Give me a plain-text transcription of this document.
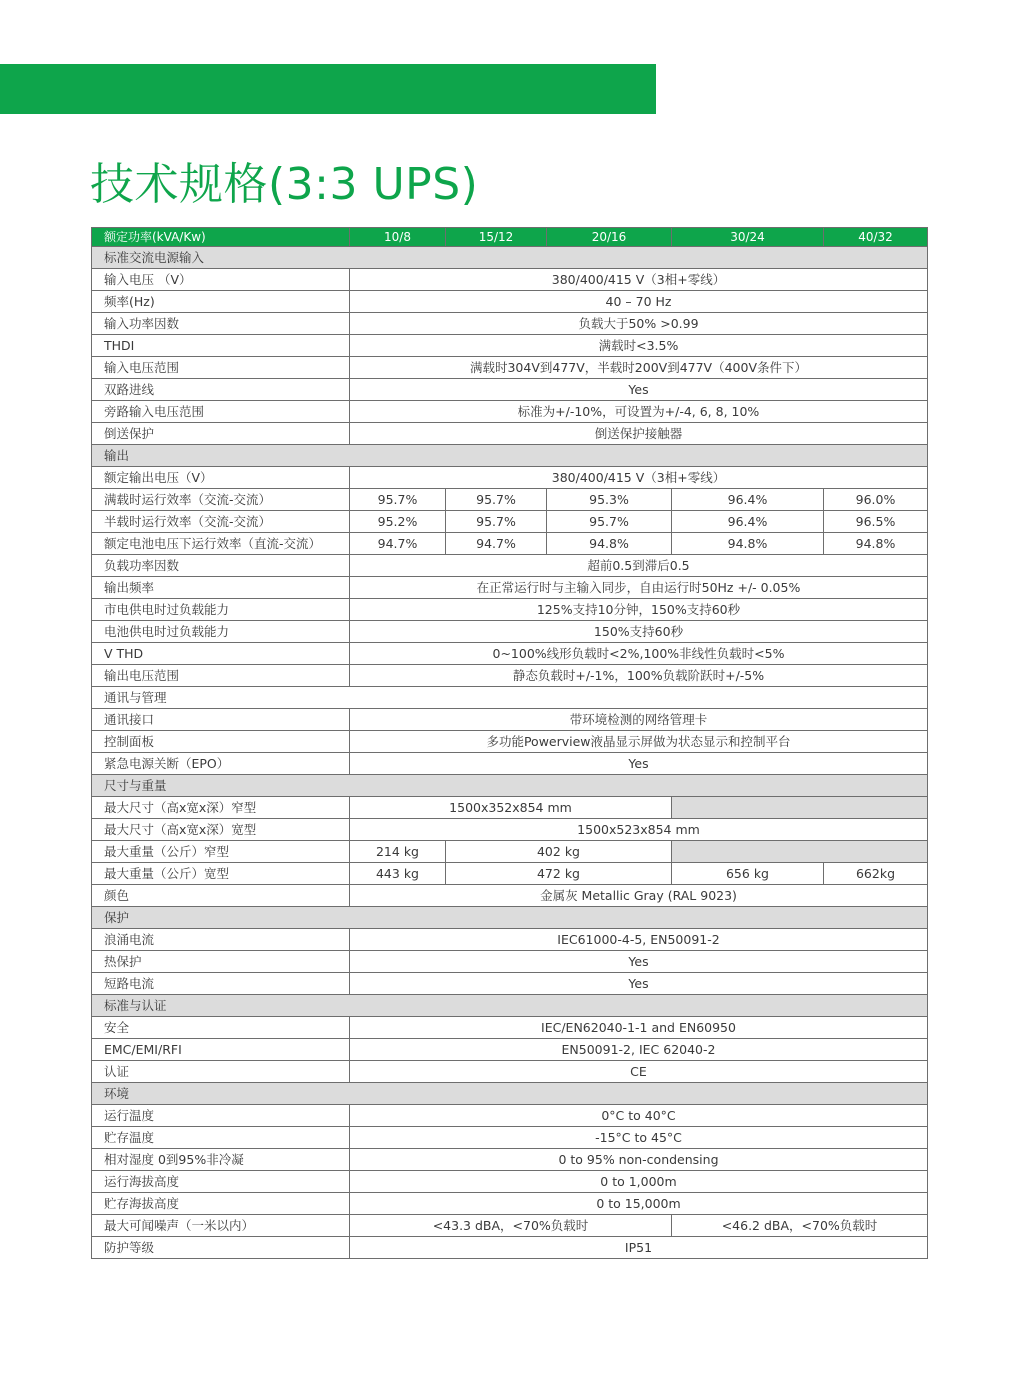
技术规格(3:3 UPS)
额定功率(kVA/Kw)	10/8	15/12	20/16	30/24	40/32
标准交流电源输入					
输入电压 （V）	380/400/415 V（3相+零线）				
频率(Hz)	40 – 70 Hz				
输入功率因数	负载大于50% >0.99				
THDI	满载时<3.5%				
输入电压范围	满载时304V到477V，半载时200V到477V（400V条件下）				
双路进线	Yes				
旁路输入电压范围	标准为+/-10%，可设置为+/-4, 6, 8, 10%				
倒送保护	倒送保护接触器				
输出					
额定输出电压（V）	380/400/415 V（3相+零线）				
满载时运行效率（交流-交流）	95.7%	95.7%	95.3%	96.4%	96.0%
半载时运行效率（交流-交流）	95.2%	95.7%	95.7%	96.4%	96.5%
额定电池电压下运行效率（直流-交流）	94.7%	94.7%	94.8%	94.8%	94.8%
负载功率因数	超前0.5到滞后0.5				
输出频率	在正常运行时与主输入同步，自由运行时50Hz +/- 0.05%				
市电供电时过负载能力	125%支持10分钟，150%支持60秒				
电池供电时过负载能力	150%支持60秒				
V THD	0~100%线形负载时<2%,100%非线性负载时<5%				
输出电压范围	静态负载时+/-1%，100%负载阶跃时+/-5%				
通讯与管理					
通讯接口	带环境检测的网络管理卡				
控制面板	多功能Powerview液晶显示屏做为状态显示和控制平台				
紧急电源关断（EPO）	Yes				
尺寸与重量					
最大尺寸（高x宽x深）窄型	1500x352x854 mm				
最大尺寸（高x宽x深）宽型	1500x523x854 mm				
最大重量（公斤）窄型	214 kg	402 kg			
最大重量（公斤）宽型	443 kg	472 kg		656 kg	662kg
颜色	金属灰 Metallic Gray (RAL 9023)				
保护					
浪涌电流	IEC61000-4-5, EN50091-2				
热保护	Yes				
短路电流	Yes				
标准与认证					
安全	IEC/EN62040-1-1 and EN60950				
EMC/EMI/RFI	EN50091-2, IEC 62040-2				
认证	CE				
环境					
运行温度	0°C to 40°C				
贮存温度	-15°C to 45°C				
相对湿度 0到95%非冷凝	0 to 95% non-condensing				
运行海拔高度	0 to 1,000m				
贮存海拔高度	0 to 15,000m				
最大可闻噪声（一米以内）	<43.3 dBA，<70%负载时			<46.2 dBA，<70%负载时	
防护等级	IP51				
